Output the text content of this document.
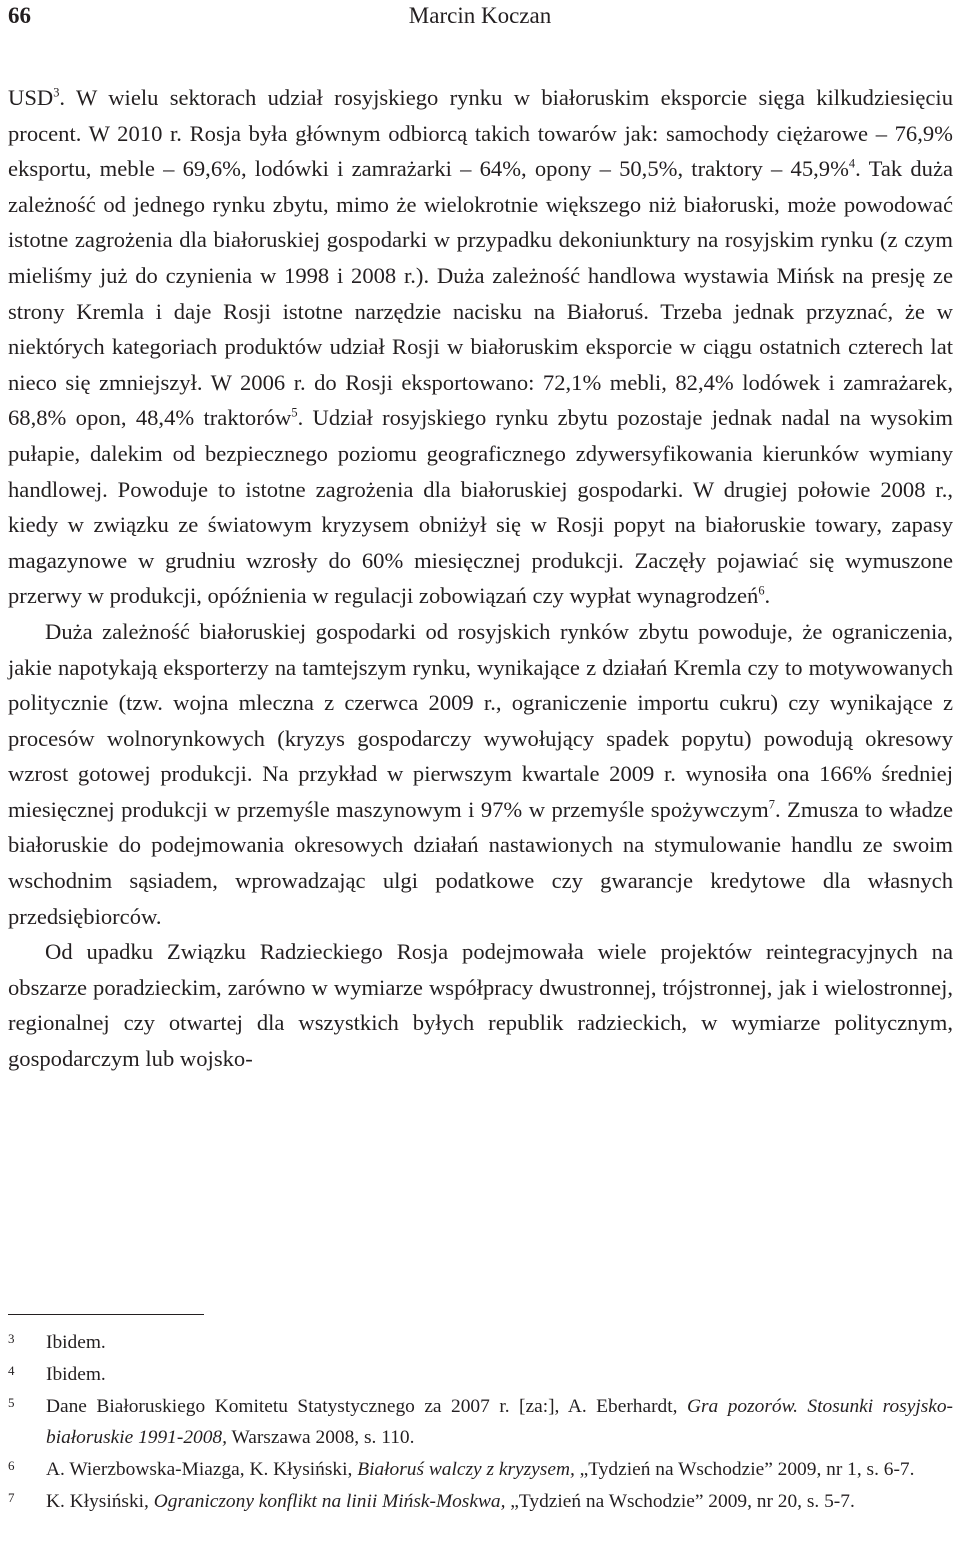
66	Marcin Koczan

USD$^3$. W wielu sektorach udział rosyjskiego rynku w białoruskim eksporcie sięga kilkudziesięciu procent. W 2010 r. Rosja była głównym odbiorcą takich towarów jak: samochody ciężarowe – 76,9% eksportu, meble – 69,6%, lodówki i zamrażarki – 64%, opony – 50,5%, traktory – 45,9%$^4$. Tak duża zależność od jednego rynku zbytu, mimo że wielokrotnie większego niż białoruski, może powodować istotne zagrożenia dla białoruskiej gospodarki w przypadku dekoniunktury na rosyjskim rynku (z czym mieliśmy już do czynienia w 1998 i 2008 r.). Duża zależność handlowa wystawia Mińsk na presję ze strony Kremla i daje Rosji istotne narzędzie nacisku na Białoruś. Trzeba jednak przyznać, że w niektórych kategoriach produktów udział Rosji w białoruskim eksporcie w ciągu ostatnich czterech lat nieco się zmniejszył. W 2006 r. do Rosji eksportowano: 72,1% mebli, 82,4% lodówek i zamrażarek, 68,8% opon, 48,4% traktorów$^5$. Udział rosyjskiego rynku zbytu pozostaje jednak nadal na wysokim pułapie, dalekim od bezpiecznego poziomu geograficznego zdywersyfikowania kierunków wymiany handlowej. Powoduje to istotne zagrożenia dla białoruskiej gospodarki. W drugiej połowie 2008 r., kiedy w związku ze światowym kryzysem obniżył się w Rosji popyt na białoruskie towary, zapasy magazynowe w grudniu wzrosły do 60% miesięcznej produkcji. Zaczęły pojawiać się wymuszone przerwy w produkcji, opóźnienia w regulacji zobowiązań czy wypłat wynagrodzeń$^6$.

Duża zależność białoruskiej gospodarki od rosyjskich rynków zbytu powoduje, że ograniczenia, jakie napotykają eksporterzy na tamtejszym rynku, wynikające z działań Kremla czy to motywowanych politycznie (tzw. wojna mleczna z czerwca 2009 r., ograniczenie importu cukru) czy wynikające z procesów wolnorynkowych (kryzys gospodarczy wywołujący spadek popytu) powodują okresowy wzrost gotowej produkcji. Na przykład w pierwszym kwartale 2009 r. wynosiła ona 166% średniej miesięcznej produkcji w przemyśle maszynowym i 97% w przemyśle spożywczym$^7$. Zmusza to władze białoruskie do podejmowania okresowych działań nastawionych na stymulowanie handlu ze swoim wschodnim sąsiadem, wprowadzając ulgi podatkowe czy gwarancje kredytowe dla własnych przedsiębiorców.

Od upadku Związku Radzieckiego Rosja podejmowała wiele projektów reintegracyjnych na obszarze poradzieckim, zarówno w wymiarze współpracy dwustronnej, trójstronnej, jak i wielostronnej, regionalnej czy otwartej dla wszystkich byłych republik radzieckich, w wymiarze politycznym, gospodarczym lub wojsko-

3 Ibidem.
4 Ibidem.
5 Dane Białoruskiego Komitetu Statystycznego za 2007 r. [za:], A. Eberhardt, Gra pozorów. Stosunki rosyjsko-białoruskie 1991-2008, Warszawa 2008, s. 110.
6 A. Wierzbowska-Miazga, K. Kłysiński, Białoruś walczy z kryzysem, „Tydzień na Wschodzie” 2009, nr 1, s. 6-7.
7 K. Kłysiński, Ograniczony konflikt na linii Mińsk-Moskwa, „Tydzień na Wschodzie” 2009, nr 20, s. 5-7.
